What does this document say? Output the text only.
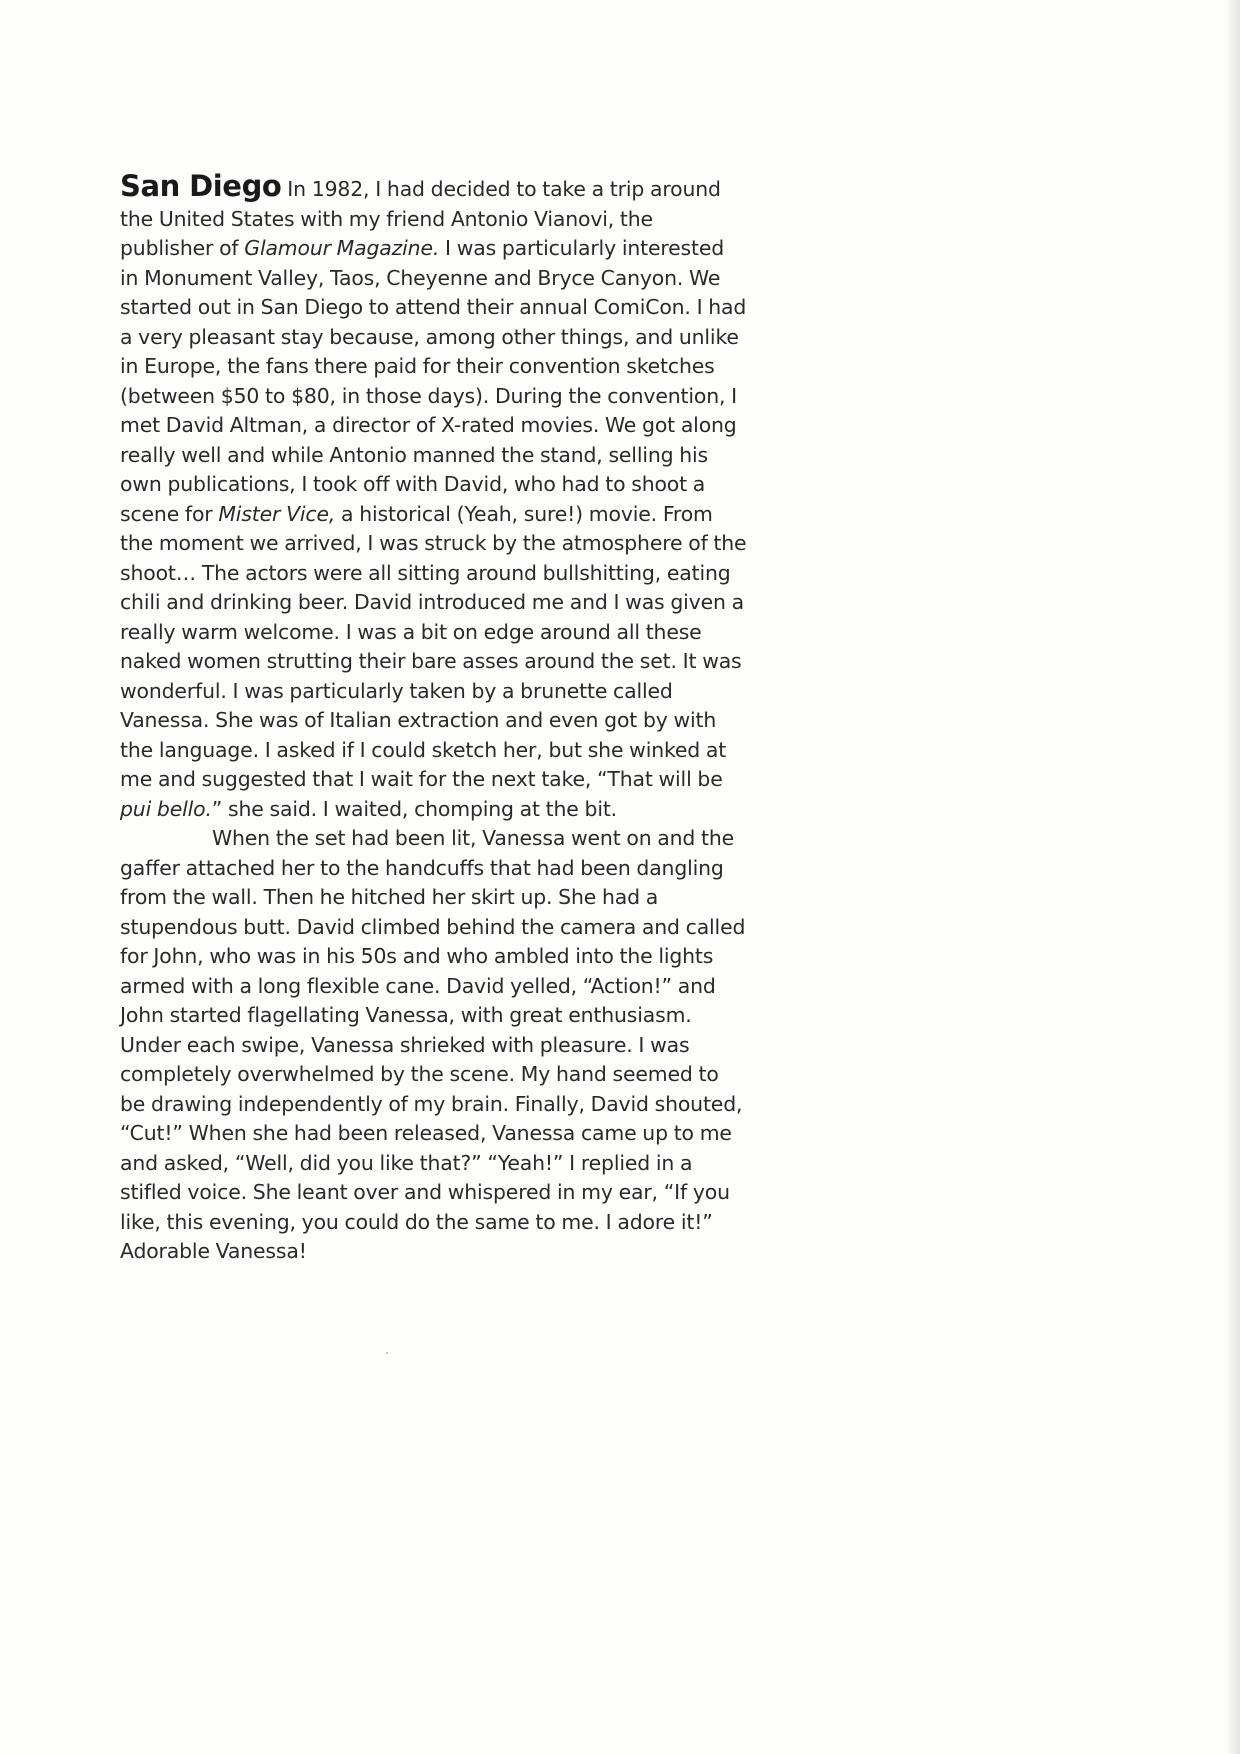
San Diego In 1982, I had decided to take a trip around the United States with my friend Antonio Vianovi, the publisher of Glamour Magazine. I was particularly interested in Monument Valley, Taos, Cheyenne and Bryce Canyon. We started out in San Diego to attend their annual ComiCon. I had a very pleasant stay because, among other things, and unlike in Europe, the fans there paid for their convention sketches (between $50 to $80, in those days). During the convention, I met David Altman, a director of X-rated movies. We got along really well and while Antonio manned the stand, selling his own publications, I took off with David, who had to shoot a scene for Mister Vice, a historical (Yeah, sure!) movie. From the moment we arrived, I was struck by the atmosphere of the shoot… The actors were all sitting around bullshitting, eating chili and drinking beer. David introduced me and I was given a really warm welcome. I was a bit on edge around all these naked women strutting their bare asses around the set. It was wonderful. I was particularly taken by a brunette called Vanessa. She was of Italian extraction and even got by with the language. I asked if I could sketch her, but she winked at me and suggested that I wait for the next take, “That will be pui bello.” she said. I waited, chomping at the bit.

When the set had been lit, Vanessa went on and the gaffer attached her to the handcuffs that had been dangling from the wall. Then he hitched her skirt up. She had a stupendous butt. David climbed behind the camera and called for John, who was in his 50s and who ambled into the lights armed with a long flexible cane. David yelled, “Action!” and John started flagellating Vanessa, with great enthusiasm. Under each swipe, Vanessa shrieked with pleasure. I was completely overwhelmed by the scene. My hand seemed to be drawing independently of my brain. Finally, David shouted, “Cut!” When she had been released, Vanessa came up to me and asked, “Well, did you like that?” “Yeah!” I replied in a stifled voice. She leant over and whispered in my ear, “If you like, this evening, you could do the same to me. I adore it!” Adorable Vanessa!
